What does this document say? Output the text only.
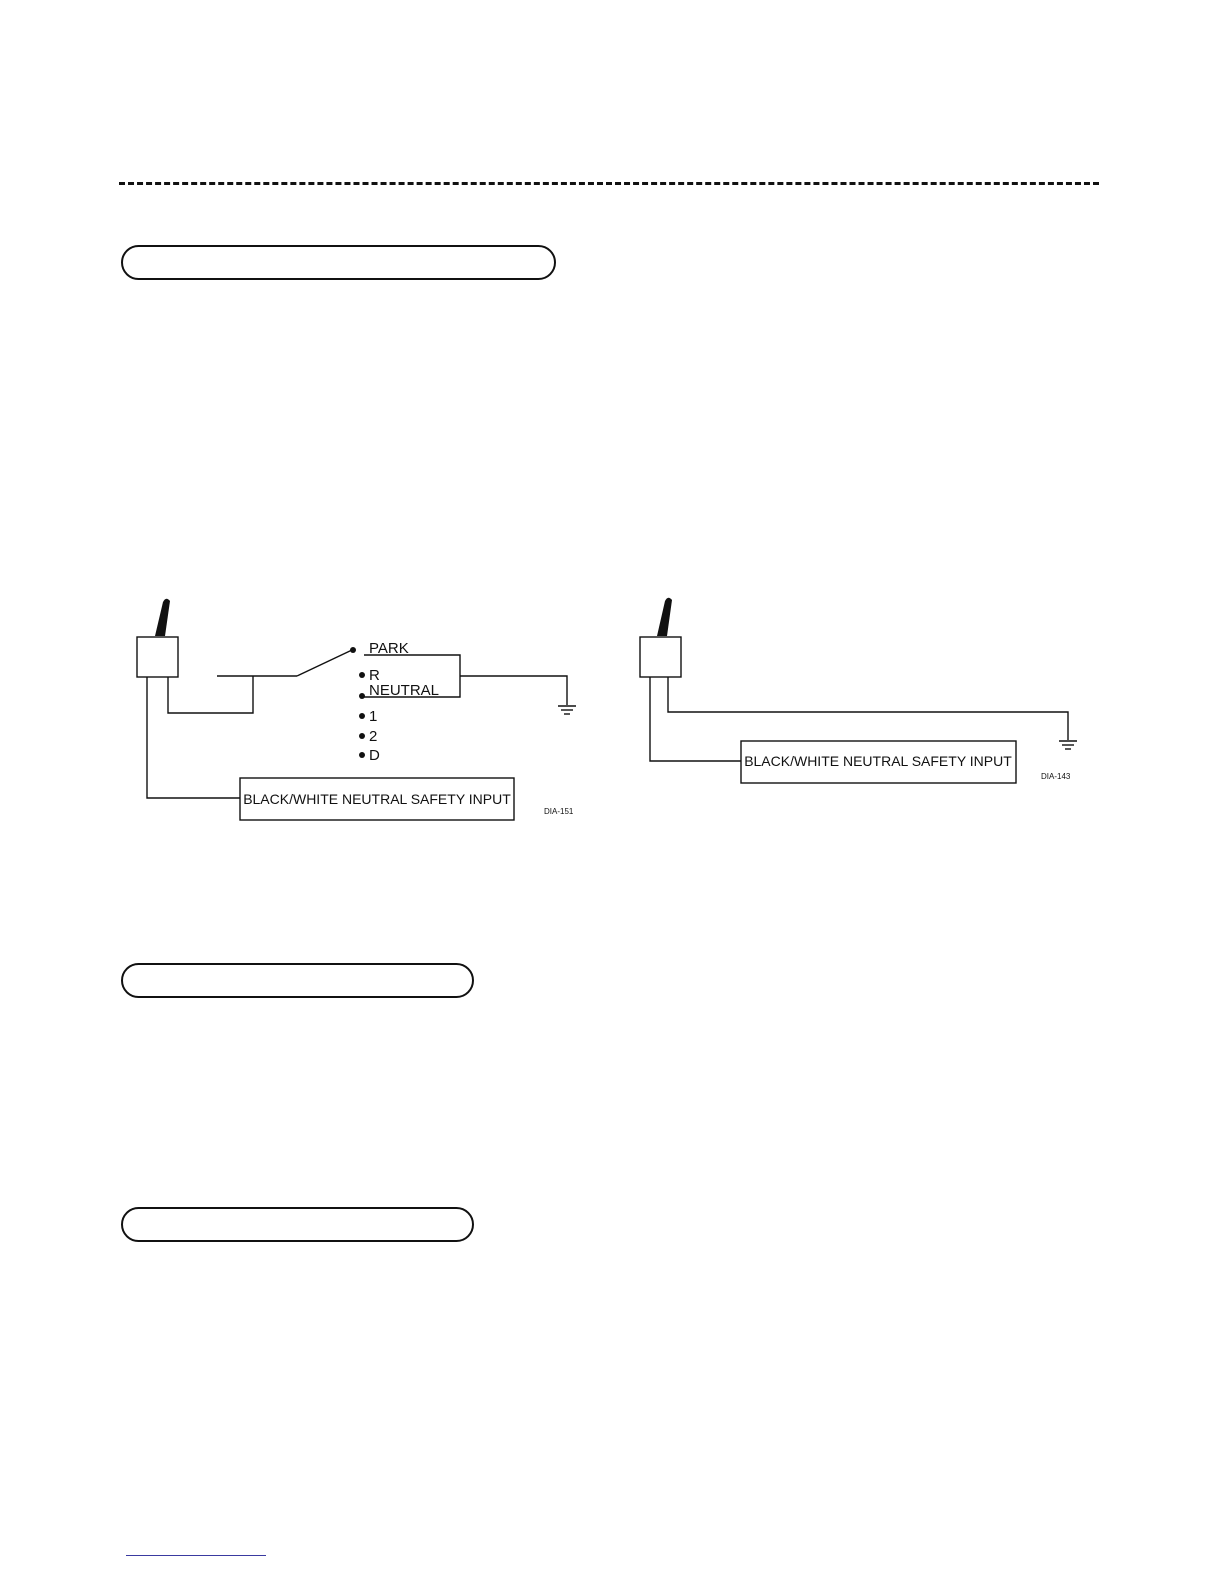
PARK
R
NEUTRAL
1
2
D
BLACK/WHITE NEUTRAL SAFETY INPUT
BLACK/WHITE NEUTRAL SAFETY INPUT
DIA-151
DIA-143
